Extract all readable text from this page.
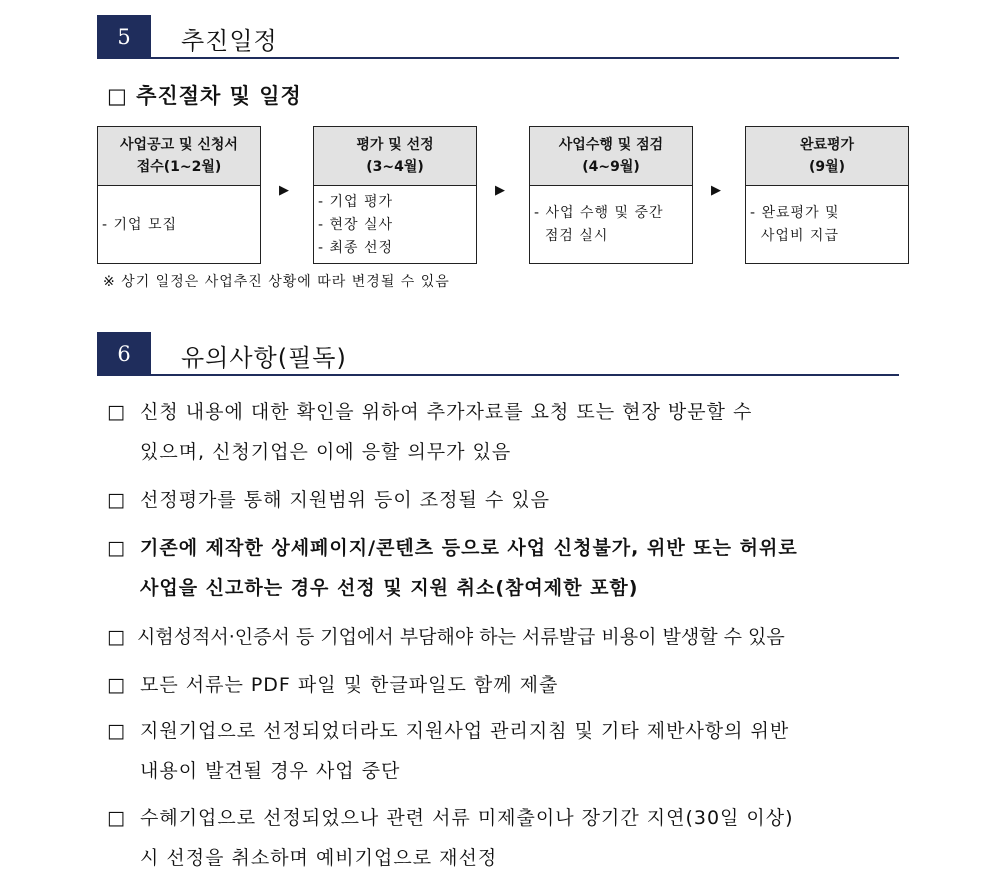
5	추진일정
□ 추진절차 및 일정
사업공고 및 신청서
접수(1~2월)
- 기업 모집
▶
평가 및 선정
(3~4월)
- 기업 평가
- 현장 실사
- 최종 선정
▶
사업수행 및 점검
(4~9월)
- 사업 수행 및 중간
점검 실시
▶
완료평가
(9월)
- 완료평가 및
사업비 지급
※ 상기 일정은 사업추진 상황에 따라 변경될 수 있음
6	유의사항(필독)
□ 신청 내용에 대한 확인을 위하여 추가자료를 요청 또는 현장 방문할 수
있으며, 신청기업은 이에 응할 의무가 있음
□ 선정평가를 통해 지원범위 등이 조정될 수 있음
□ 기존에 제작한 상세페이지/콘텐츠 등으로 사업 신청불가, 위반 또는 허위로
사업을 신고하는 경우 선정 및 지원 취소(참여제한 포함)
□ 시험성적서·인증서 등 기업에서 부담해야 하는 서류발급 비용이 발생할 수 있음
□ 모든 서류는 PDF 파일 및 한글파일도 함께 제출
□ 지원기업으로 선정되었더라도 지원사업 관리지침 및 기타 제반사항의 위반
내용이 발견될 경우 사업 중단
□ 수혜기업으로 선정되었으나 관련 서류 미제출이나 장기간 지연(30일 이상)
시 선정을 취소하며 예비기업으로 재선정
